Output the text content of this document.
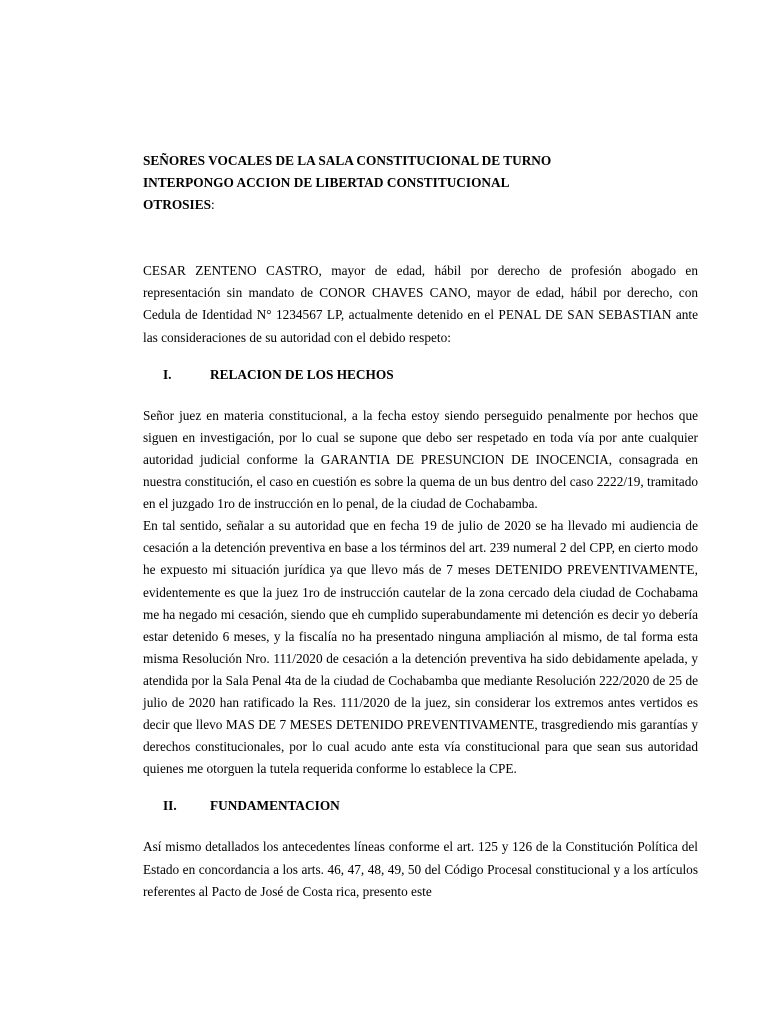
SEÑORES VOCALES DE LA SALA CONSTITUCIONAL DE TURNO
INTERPONGO ACCION DE LIBERTAD CONSTITUCIONAL
OTROSIES:

CESAR ZENTENO CASTRO, mayor de edad, hábil por derecho de profesión abogado en representación sin mandato de CONOR CHAVES CANO, mayor de edad, hábil por derecho, con Cedula de Identidad N° 1234567 LP, actualmente detenido en el PENAL DE SAN SEBASTIAN ante las consideraciones de su autoridad con el debido respeto:

I.	RELACION DE LOS HECHOS

Señor juez en materia constitucional, a la fecha estoy siendo perseguido penalmente por hechos que siguen en investigación, por lo cual se supone que debo ser respetado en toda vía por ante cualquier autoridad judicial conforme la GARANTIA DE PRESUNCION DE INOCENCIA, consagrada en nuestra constitución, el caso en cuestión es sobre la quema de un bus dentro del caso 2222/19, tramitado en el juzgado 1ro de instrucción en lo penal, de la ciudad de Cochabamba.

En tal sentido, señalar a su autoridad que en fecha 19 de julio de 2020 se ha llevado mi audiencia de cesación a la detención preventiva en base a los términos del art. 239 numeral 2 del CPP, en cierto modo he expuesto mi situación jurídica ya que llevo más de 7 meses DETENIDO PREVENTIVAMENTE, evidentemente es que la juez 1ro de instrucción cautelar de la zona cercado dela ciudad de Cochabama me ha negado mi cesación, siendo que eh cumplido superabundamente mi detención es decir yo debería estar detenido 6 meses, y la fiscalía no ha presentado ninguna ampliación al mismo, de tal forma esta misma Resolución Nro. 111/2020 de cesación a la detención preventiva ha sido debidamente apelada, y atendida por la Sala Penal 4ta de la ciudad de Cochabamba que mediante Resolución 222/2020 de 25 de julio de 2020 han ratificado la Res. 111/2020 de la juez, sin considerar los extremos antes vertidos es decir que llevo MAS DE 7 MESES DETENIDO PREVENTIVAMENTE, trasgrediendo mis garantías y derechos constitucionales, por lo cual acudo ante esta vía constitucional para que sean sus autoridad quienes me otorguen la tutela requerida conforme lo establece la CPE.

II.	FUNDAMENTACION

Así mismo detallados los antecedentes líneas conforme el art. 125 y 126 de la Constitución Política del Estado en concordancia a los arts. 46, 47, 48, 49, 50 del Código Procesal constitucional y a los artículos referentes al Pacto de José de Costa rica, presento este
